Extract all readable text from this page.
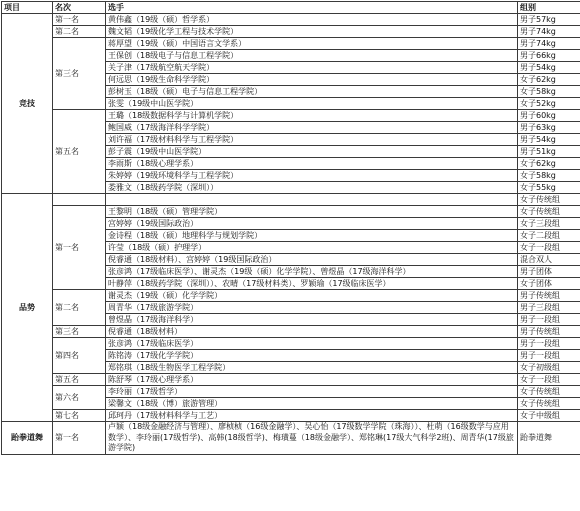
项目	名次	选手	组别
竞技	第一名	黄伟鑫（19级（硕）哲学系）	男子57kg
	第二名	魏文韬（19级化学工程与技术学院）	男子74kg
	第三名	蒋厚望（19级（硕）中国语言文学系）	男子74kg
		王保创（18级电子与信息工程学院）	男子66kg
		关子津（17级航空航天学院）	男子54kg
		何远思（19级生命科学学院）	女子62kg
		彭树玉（18级（硕）电子与信息工程学院）	女子58kg
		张雯（19级中山医学院）	女子52kg
	第五名	王璐（18级数据科学与计算机学院）	男子60kg
		鲍国威（17级海洋科学学院）	男子63kg
		刘许福（17级材料科学与工程学院）	男子54kg
		彭子震（19级中山医学院）	男子51kg
		李雨斯（18级心理学系）	女子62kg
		朱婷婷（19级环境科学与工程学院）	女子58kg
		娄雅文（18级药学院（深圳））	女子55kg
品势			女子传统组
	第一名	王黎明（18级（硕）管理学院）	女子传统组
		宫婷婷（19级国际政治）	女子三段组
		金诗程（18级（硕）地理科学与规划学院）	女子二段组
		许莹（18级（硕）护理学）	女子一段组
		倪睿通（18级材料）、宫婷婷（19级国际政治）	混合双人
		张彦鸿（17级临床医学）、谢灵杰（19级（硕）化学学院）、曾煜晶（17级海洋科学）	男子团体
		叶静萍（18级药学院（深圳））、农晴（17级材料类）、罗颖瑜（17级临床医学）	女子团体
	第二名	谢灵杰（19级（硕）化学学院）	男子传统组
		周青华（17级旅游学院）	男子三段组
		曾煜晶（17级海洋科学）	男子一段组
	第三名	倪睿通（18级材料）	男子传统组
	第四名	张彦鸿（17级临床医学）	男子一段组
		陈铭涛（17级化学学院）	男子一段组
		郑铭琪（18级生物医学工程学院）	女子初级组
	第五名	陈舒琴（17级心理学系）	女子一段组
	第六名	李玲丽（17级哲学）	女子传统组
		梁馨文（18级（博）旅游管理）	女子传统组
	第七名	邱珂丹（17级材料科学与工艺）	女子中级组
跆拳道舞	第一名	卢颖（18级金融经济与管理）、廖桢桢（16级金融学）、吴心怡（17级数学学院（珠海））、杜萌（16级数学与应用数学）、李玲丽(17级哲学)、高韩(18级哲学)、梅璜蔓（18级金融学）、郑铭琳(17级大气科学2班)、周青华(17级旅游学院)	跆拳道舞
